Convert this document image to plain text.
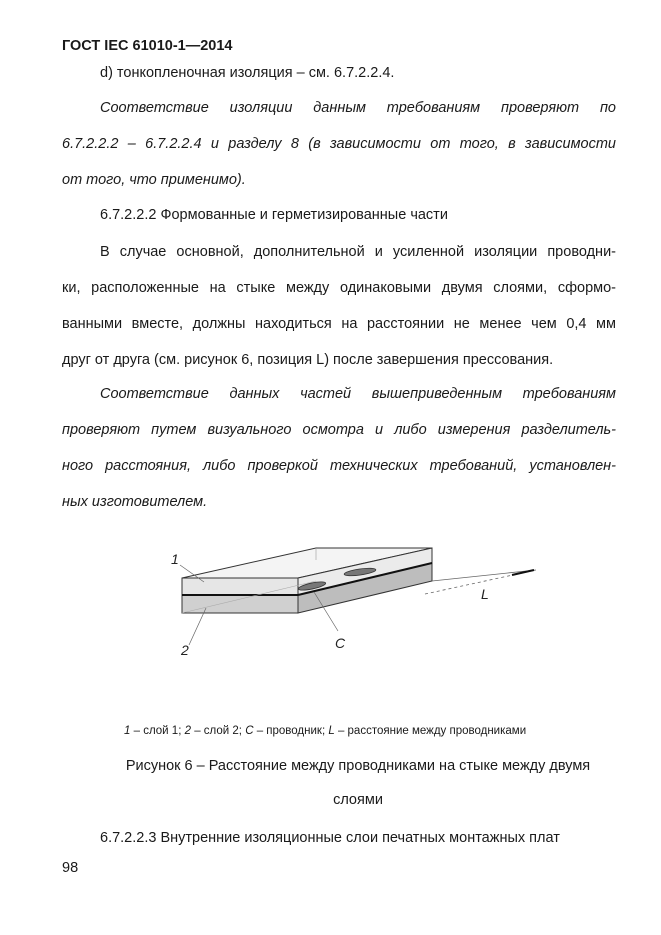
ГОСТ IEC 61010-1—2014
d) тонкопленочная изоляция – см. 6.7.2.2.4.
Соответствие изоляции данным требованиям проверяют по
6.7.2.2.2 – 6.7.2.2.4 и разделу 8 (в зависимости от того, в зависимости
от того, что применимо).
6.7.2.2.2 Формованные и герметизированные части
В случае основной, дополнительной и усиленной изоляции проводни-
ки, расположенные на стыке между одинаковыми двумя слоями, сформо-
ванными вместе, должны находиться на расстоянии не менее чем 0,4 мм
друг от друга (см. рисунок 6, позиция L) после завершения прессования.
Соответствие данных частей вышеприведенным требованиям
проверяют путем визуального осмотра и либо измерения разделитель-
ного расстояния, либо проверкой технических требований, установлен-
ных изготовителем.
1
2	C
L
1 – слой 1; 2 – слой 2; C – проводник; L – расстояние между проводниками
Рисунок 6 – Расстояние между проводниками на стыке между двумя
слоями
6.7.2.2.3 Внутренние изоляционные слои печатных монтажных плат
98
